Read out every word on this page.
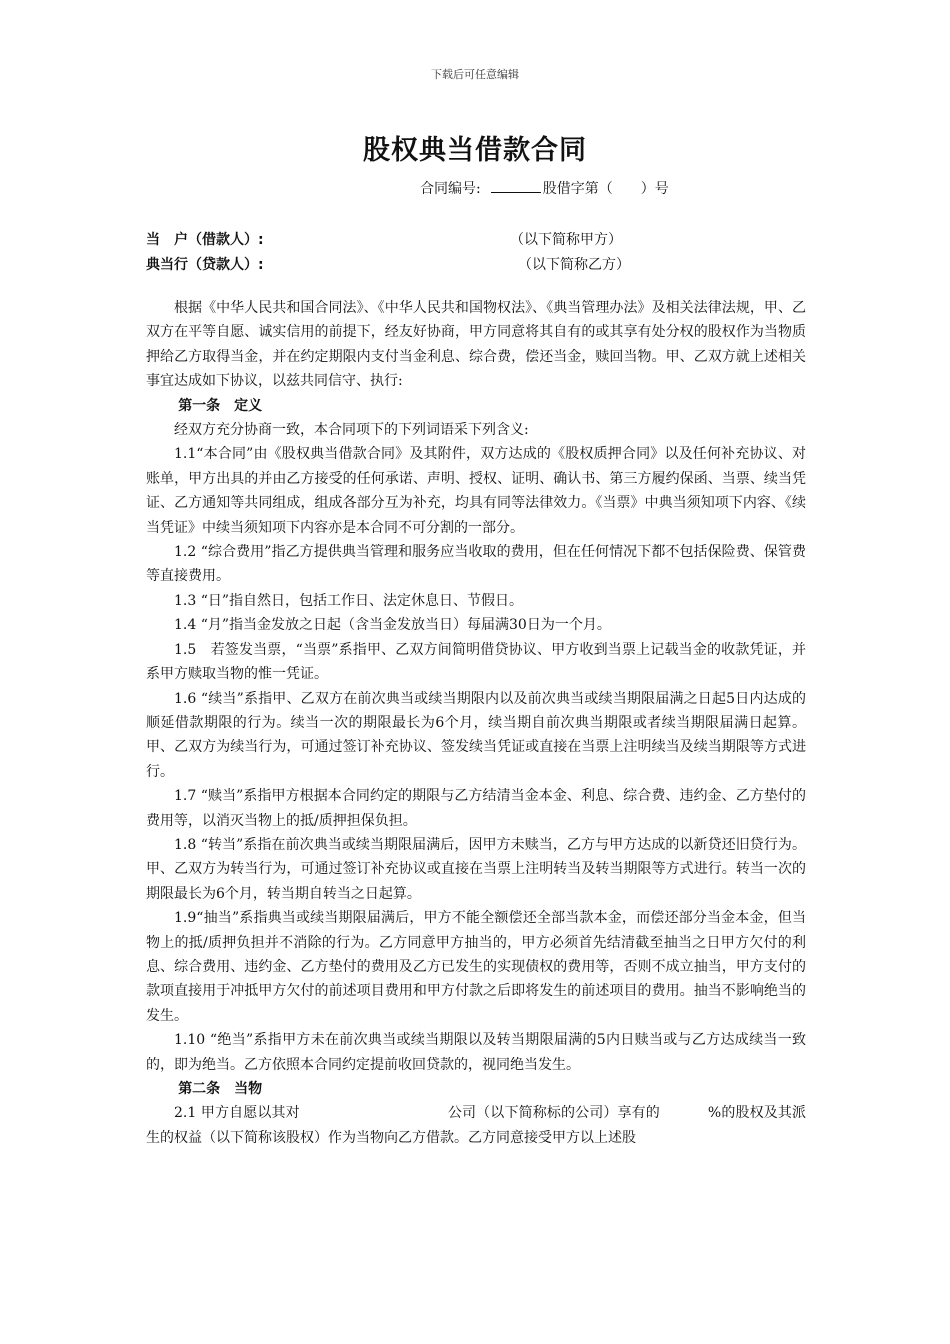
下载后可任意编辑
股权典当借款合同
合同编号:	股借字第（　　）号
当　户（借款人）:	（以下简称甲方）
典当行（贷款人）:	（以下简称乙方）

根据《中华人民共和国合同法》、《中华人民共和国物权法》、《典当管理办法》及相关法律法规，甲、乙双方在平等自愿、诚实信用的前提下，经友好协商，甲方同意将其自有的或其享有处分权的股权作为当物质押给乙方取得当金，并在约定期限内支付当金利息、综合费，偿还当金，赎回当物。甲、乙双方就上述相关事宜达成如下协议，以兹共同信守、执行:

第一条　定义

经双方充分协商一致，本合同项下的下列词语采下列含义:

1.1“本合同”由《股权典当借款合同》及其附件，双方达成的《股权质押合同》以及任何补充协议、对账单，甲方出具的并由乙方接受的任何承诺、声明、授权、证明、确认书、第三方履约保函、当票、续当凭证、乙方通知等共同组成，组成各部分互为补充，均具有同等法律效力。《当票》中典当须知项下内容、《续当凭证》中续当须知项下内容亦是本合同不可分割的一部分。

1.2 “综合费用”指乙方提供典当管理和服务应当收取的费用，但在任何情况下都不包括保险费、保管费等直接费用。

1.3 “日”指自然日，包括工作日、法定休息日、节假日。

1.4 “月”指当金发放之日起（含当金发放当日）每届满30日为一个月。

1.5　若签发当票，“当票”系指甲、乙双方间简明借贷协议、甲方收到当票上记载当金的收款凭证，并系甲方赎取当物的惟一凭证。

1.6 “续当”系指甲、乙双方在前次典当或续当期限内以及前次典当或续当期限届满之日起5日内达成的顺延借款期限的行为。续当一次的期限最长为6个月，续当期自前次典当期限或者续当期限届满日起算。甲、乙双方为续当行为，可通过签订补充协议、签发续当凭证或直接在当票上注明续当及续当期限等方式进行。

1.7 “赎当”系指甲方根据本合同约定的期限与乙方结清当金本金、利息、综合费、违约金、乙方垫付的费用等，以消灭当物上的抵/质押担保负担。

1.8 “转当”系指在前次典当或续当期限届满后，因甲方未赎当，乙方与甲方达成的以新贷还旧贷行为。甲、乙双方为转当行为，可通过签订补充协议或直接在当票上注明转当及转当期限等方式进行。转当一次的期限最长为6个月，转当期自转当之日起算。

1.9“抽当”系指典当或续当期限届满后，甲方不能全额偿还全部当款本金，而偿还部分当金本金，但当物上的抵/质押负担并不消除的行为。乙方同意甲方抽当的，甲方必须首先结清截至抽当之日甲方欠付的利息、综合费用、违约金、乙方垫付的费用及乙方已发生的实现债权的费用等，否则不成立抽当，甲方支付的款项直接用于冲抵甲方欠付的前述项目费用和甲方付款之后即将发生的前述项目的费用。抽当不影响绝当的发生。

1.10 “绝当”系指甲方未在前次典当或续当期限以及转当期限届满的5内日赎当或与乙方达成续当一致的，即为绝当。乙方依照本合同约定提前收回贷款的，视同绝当发生。

第二条　当物

2.1 甲方自愿以其对	公司（以下简称标的公司）享有的	%的股权及其派生的权益（以下简称该股权）作为当物向乙方借款。乙方同意接受甲方以上述股
